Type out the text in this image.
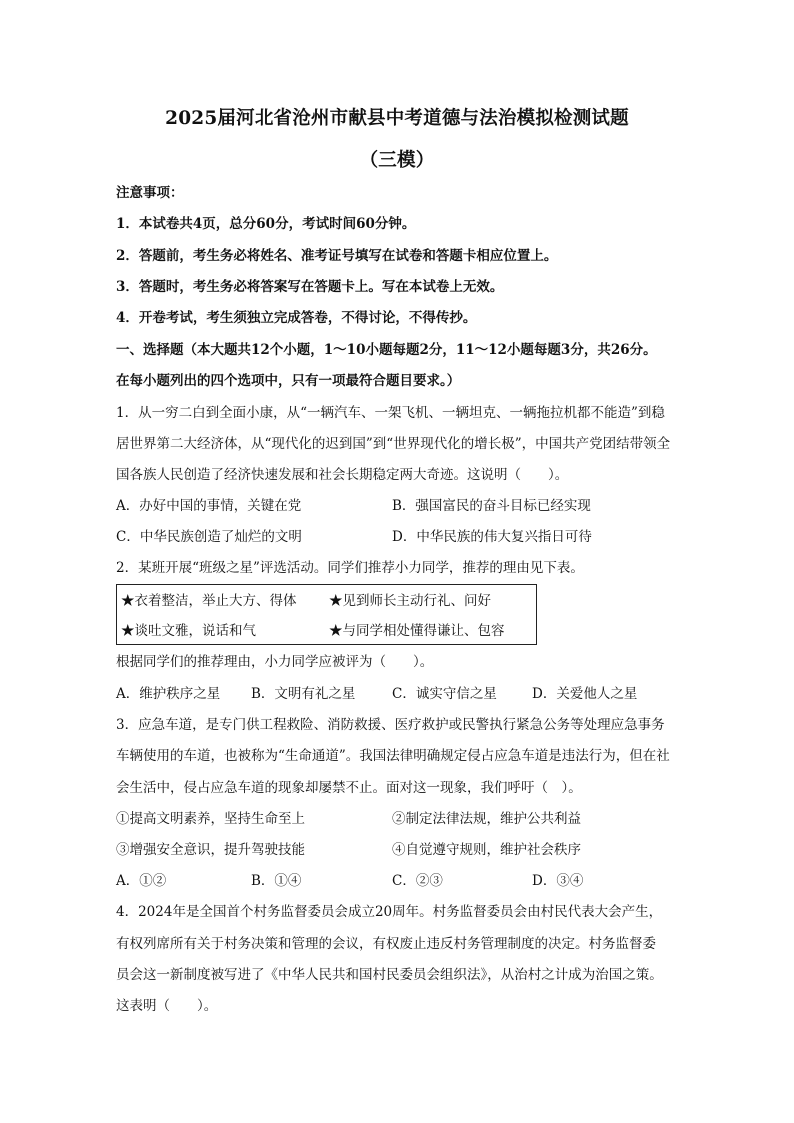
2025届河北省沧州市献县中考道德与法治模拟检测试题
（三模）
注意事项：
1．本试卷共4页，总分60分，考试时间60分钟。
2．答题前，考生务必将姓名、准考证号填写在试卷和答题卡相应位置上。
3．答题时，考生务必将答案写在答题卡上。写在本试卷上无效。
4．开卷考试，考生须独立完成答卷，不得讨论，不得传抄。
一、选择题（本大题共12个小题，1～10小题每题2分，11～12小题每题3分，共26分。
在每小题列出的四个选项中，只有一项最符合题目要求。）
1．从一穷二白到全面小康，从“一辆汽车、一架飞机、一辆坦克、一辆拖拉机都不能造”到稳
居世界第二大经济体，从“现代化的迟到国”到“世界现代化的增长极”，中国共产党团结带领全
国各族人民创造了经济快速发展和社会长期稳定两大奇迹。这说明（　　）。
A．办好中国的事情，关键在党	B．强国富民的奋斗目标已经实现
C．中华民族创造了灿烂的文明	D．中华民族的伟大复兴指日可待
2．某班开展“班级之星”评选活动。同学们推荐小力同学，推荐的理由见下表。
★衣着整洁，举止大方、得体 ★见到师长主动行礼、问好
★谈吐文雅，说话和气	★与同学相处懂得谦让、包容
根据同学们的推荐理由，小力同学应被评为（　　）。
A．维护秩序之星 B．文明有礼之星	C．诚实守信之星	D．关爱他人之星
3．应急车道，是专门供工程救险、消防救援、医疗救护或民警执行紧急公务等处理应急事务
车辆使用的车道，也被称为“生命通道”。我国法律明确规定侵占应急车道是违法行为，但在社
会生活中，侵占应急车道的现象却屡禁不止。面对这一现象，我们呼吁（　）。
①提高文明素养，坚持生命至上	②制定法律法规，维护公共利益
③增强安全意识，提升驾驶技能	④自觉遵守规则，维护社会秩序
A．①②	B．①④	C．②③	D．③④
4．2024年是全国首个村务监督委员会成立20周年。村务监督委员会由村民代表大会产生，
有权列席所有关于村务决策和管理的会议，有权废止违反村务管理制度的决定。村务监督委
员会这一新制度被写进了《中华人民共和国村民委员会组织法》，从治村之计成为治国之策。
这表明（　　）。
